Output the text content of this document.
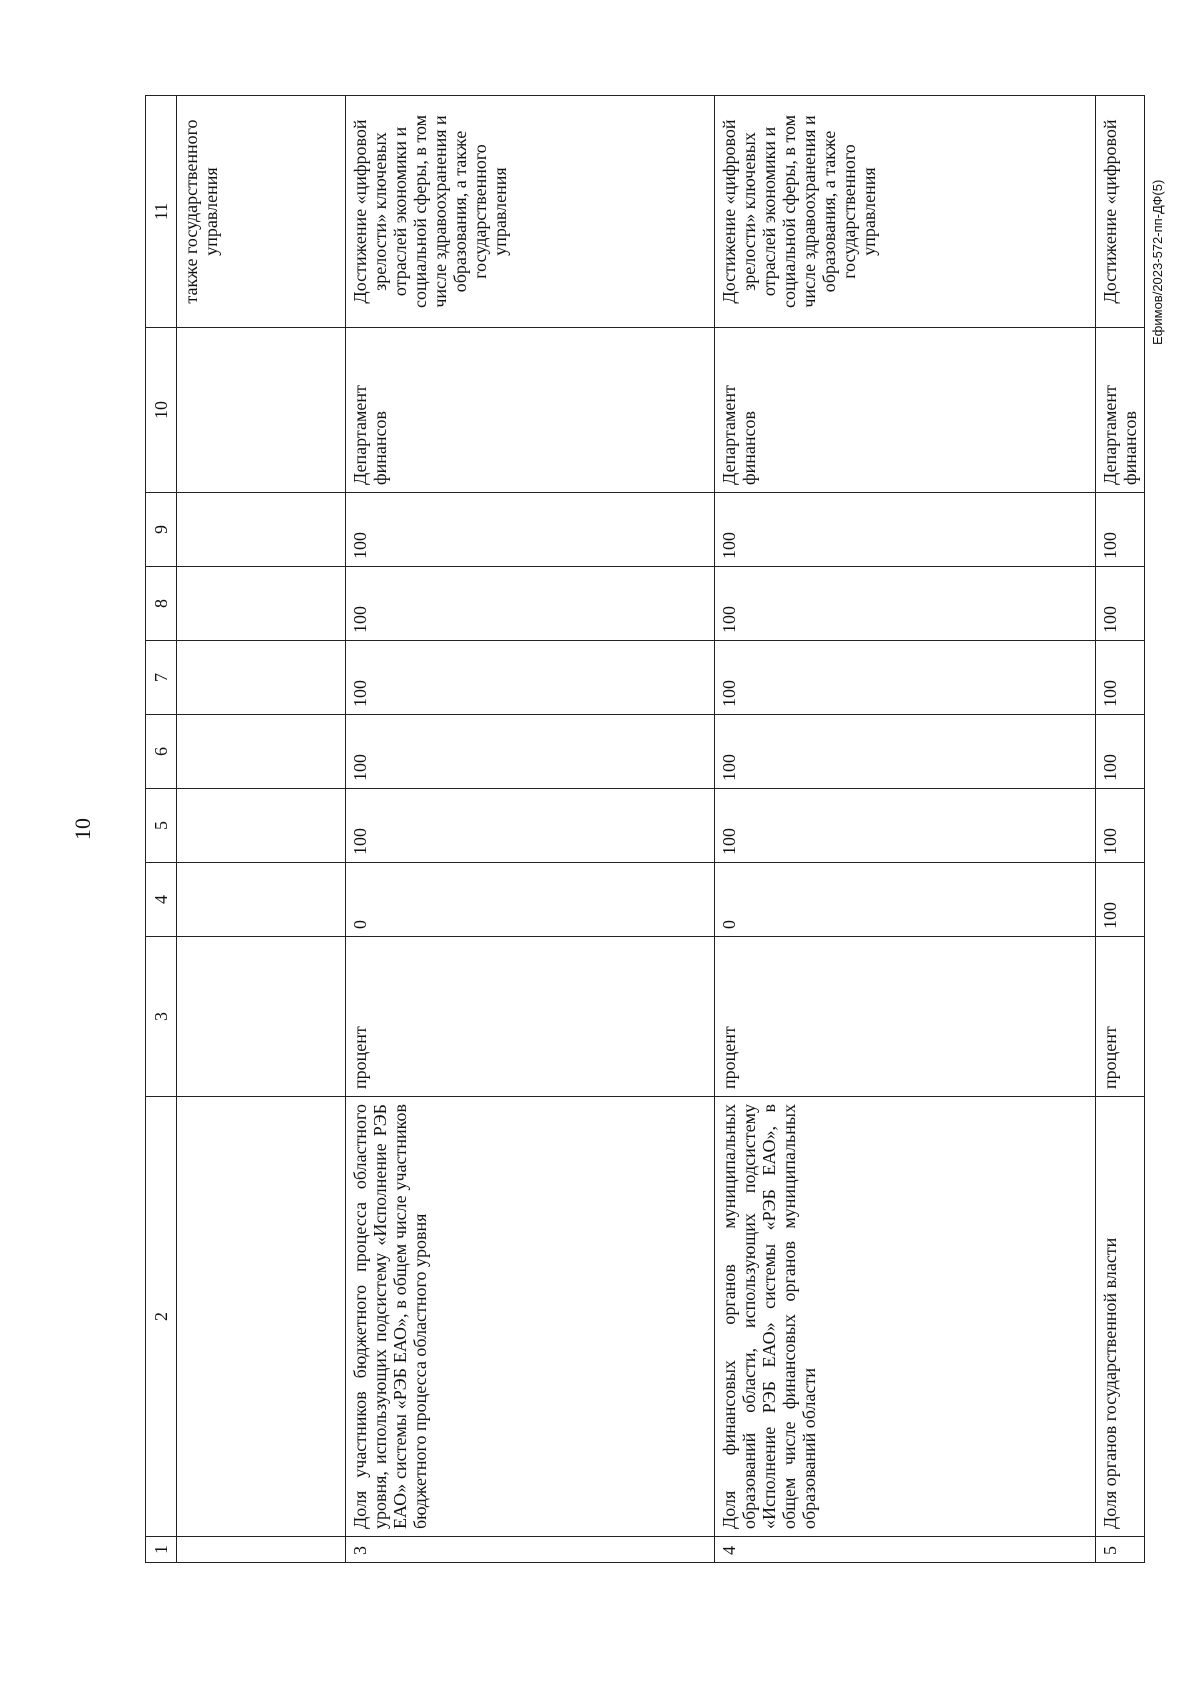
10
Ефимов/2023-572-пп-ДФ(5)
1	2	3	4	5	6	7	8	9	10	11
										также государственного управления
3	Доля участников бюджетного процесса областного уровня, использующих подсистему «Исполнение РЭБ ЕАО» системы «РЭБ ЕАО», в общем числе участников бюджетного процесса областного уровня	процент	0	100	100	100	100	100	Департамент финансов	Достижение «цифровой зрелости» ключевых отраслей экономики и социальной сферы, в том числе здравоохранения и образования, а также государственного управления
4	Доля финансовых органов муниципальных образований области, использующих подсистему «Исполнение РЭБ ЕАО» системы «РЭБ ЕАО», в общем числе финансовых органов муниципальных образований области	процент	0	100	100	100	100	100	Департамент финансов	Достижение «цифровой зрелости» ключевых отраслей экономики и социальной сферы, в том числе здравоохранения и образования, а также государственного управления
5	Доля органов государственной власти	процент	100	100	100	100	100	100	Департамент финансов	Достижение «цифровой
